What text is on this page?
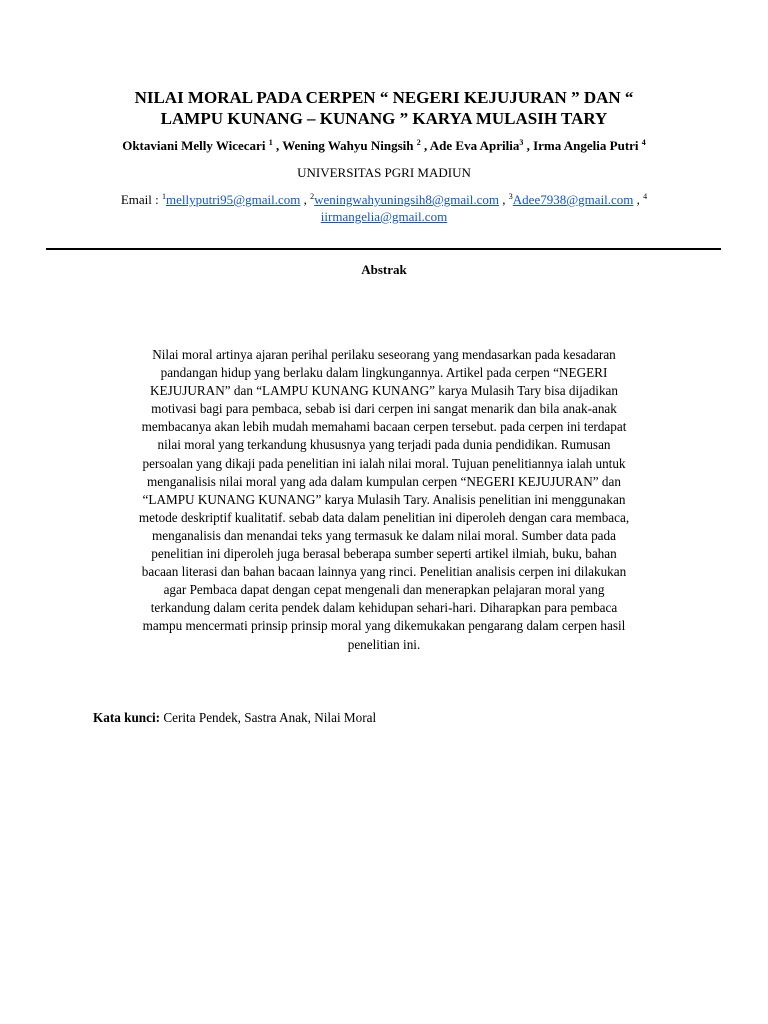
NILAI MORAL PADA CERPEN “ NEGERI KEJUJURAN ” DAN “
LAMPU KUNANG – KUNANG ” KARYA MULASIH TARY
Oktaviani Melly Wicecari $^1$ , Wening Wahyu Ningsih $^2$ , Ade Eva Aprilia$^3$ , Irma Angelia Putri $^4$
UNIVERSITAS PGRI MADIUN
Email : $^1$mellyputri95@gmail.com , $^2$weningwahyuningsih8@gmail.com , $^3$Adee7938@gmail.com , $^4$
iirmangelia@gmail.com
Abstrak
Nilai moral artinya ajaran perihal perilaku seseorang yang mendasarkan pada kesadaran
pandangan hidup yang berlaku dalam lingkungannya. Artikel pada cerpen “NEGERI
KEJUJURAN” dan “LAMPU KUNANG KUNANG” karya Mulasih Tary bisa dijadikan
motivasi bagi para pembaca, sebab isi dari cerpen ini sangat menarik dan bila anak-anak
membacanya akan lebih mudah memahami bacaan cerpen tersebut. pada cerpen ini terdapat
nilai moral yang terkandung khususnya yang terjadi pada dunia pendidikan. Rumusan
persoalan yang dikaji pada penelitian ini ialah nilai moral. Tujuan penelitiannya ialah untuk
menganalisis nilai moral yang ada dalam kumpulan cerpen “NEGERI KEJUJURAN” dan
“LAMPU KUNANG KUNANG” karya Mulasih Tary. Analisis penelitian ini menggunakan
metode deskriptif kualitatif. sebab data dalam penelitian ini diperoleh dengan cara membaca,
menganalisis dan menandai teks yang termasuk ke dalam nilai moral. Sumber data pada
penelitian ini diperoleh juga berasal beberapa sumber seperti artikel ilmiah, buku, bahan
bacaan literasi dan bahan bacaan lainnya yang rinci. Penelitian analisis cerpen ini dilakukan
agar Pembaca dapat dengan cepat mengenali dan menerapkan pelajaran moral yang
terkandung dalam cerita pendek dalam kehidupan sehari-hari. Diharapkan para pembaca
mampu mencermati prinsip prinsip moral yang dikemukakan pengarang dalam cerpen hasil
penelitian ini.
Kata kunci: Cerita Pendek, Sastra Anak, Nilai Moral
